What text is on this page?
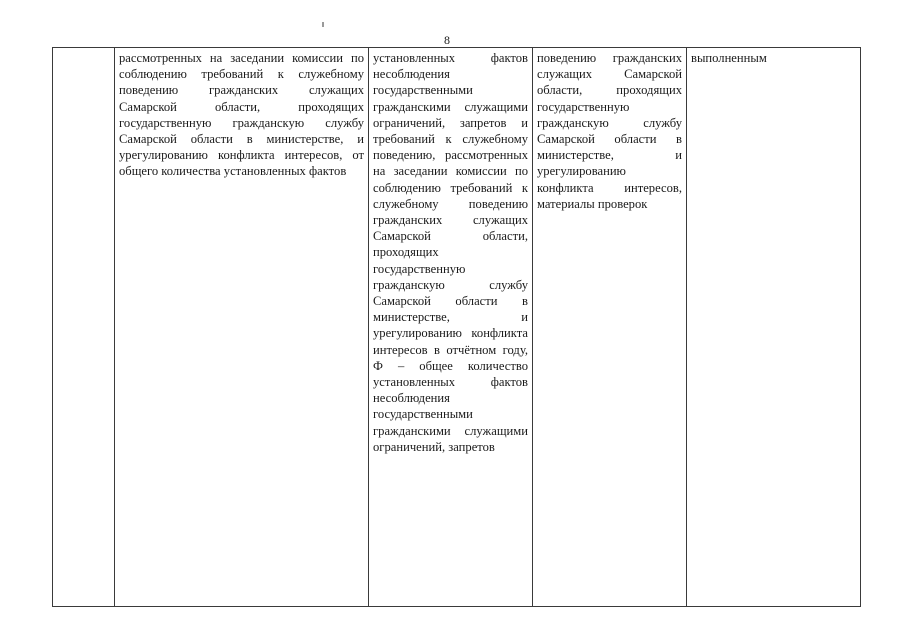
8
	рассмотренных на заседании комиссии по соблюдению требований к служебному поведению гражданских служащих Самарской области, проходящих государственную гражданскую службу Самарской области в министерстве, и урегулированию конфликта интересов, от общего количества установленных фактов	установленных фактов несоблюдения государственными гражданскими служащими ограничений, запретов и требований к служебному поведению, рассмотренных на заседании комиссии по соблюдению требований к служебному поведению гражданских служащих Самарской области, проходящих государственную гражданскую службу Самарской области в министерстве, и урегулированию конфликта интересов в отчётном году, Ф – общее количество установленных фактов несоблюдения государственными гражданскими служащими ограничений, запретов	поведению гражданских служащих Самарской области, проходящих государственную гражданскую службу Самарской области в министерстве, и урегулированию конфликта интересов, материалы проверок	выполненным
